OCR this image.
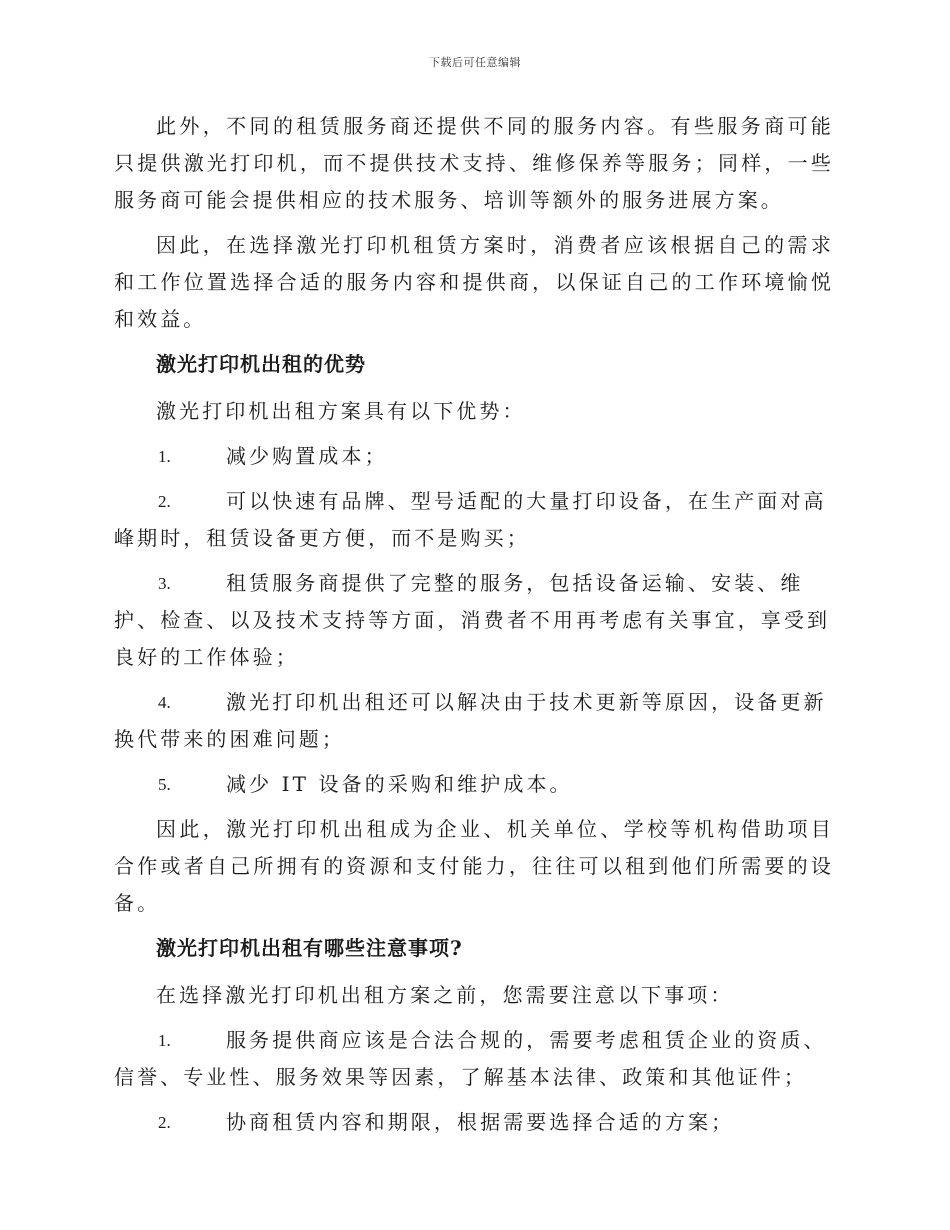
下载后可任意编辑

此外，不同的租赁服务商还提供不同的服务内容。有些服务商可能只提供激光打印机，而不提供技术支持、维修保养等服务；同样，一些服务商可能会提供相应的技术服务、培训等额外的服务进展方案。

因此，在选择激光打印机租赁方案时，消费者应该根据自己的需求和工作位置选择合适的服务内容和提供商，以保证自己的工作环境愉悦和效益。

激光打印机出租的优势

激光打印机出租方案具有以下优势：

1.	减少购置成本；

2.	可以快速有品牌、型号适配的大量打印设备，在生产面对高峰期时，租赁设备更方便，而不是购买；

3.	租赁服务商提供了完整的服务，包括设备运输、安装、维护、检查、以及技术支持等方面，消费者不用再考虑有关事宜，享受到良好的工作体验；

4.	激光打印机出租还可以解决由于技术更新等原因，设备更新换代带来的困难问题；

5.	减少 IT 设备的采购和维护成本。

因此，激光打印机出租成为企业、机关单位、学校等机构借助项目合作或者自己所拥有的资源和支付能力，往往可以租到他们所需要的设备。

激光打印机出租有哪些注意事项?

在选择激光打印机出租方案之前，您需要注意以下事项：

1.	服务提供商应该是合法合规的，需要考虑租赁企业的资质、信誉、专业性、服务效果等因素，了解基本法律、政策和其他证件；

2.	协商租赁内容和期限，根据需要选择合适的方案；
